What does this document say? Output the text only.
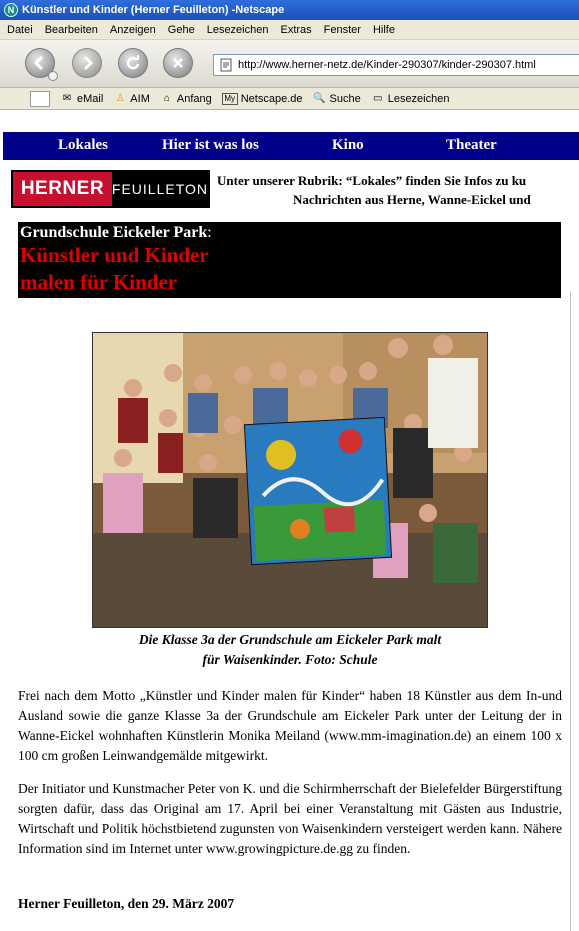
N Künstler und Kinder (Herner Feuilleton) -Netscape
Datei Bearbeiten Anzeigen Gehe Lesezeichen Extras Fenster Hilfe
http://www.herner-netz.de/Kinder-290307/kinder-290307.html
✉ eMail ♙ AIM	⌂ Anfang	My Netscape.de 🔍 Suche ▭ Lesezeichen
Lokales	Hier ist was los	Kino	Theater
HERNER FEUILLETON
Unter unserer Rubrik: “Lokales” finden Sie Infos zu ku
Nachrichten aus Herne, Wanne-Eickel und
Grundschule Eickeler Park:
Künstler und Kinder
malen für Kinder
Die Klasse 3a der Grundschule am Eickeler Park malt
für Waisenkinder. Foto: Schule

Frei nach dem Motto „Künstler und Kinder malen für Kinder“ haben 18 Künstler aus dem In-und Ausland sowie die ganze Klasse 3a der Grundschule am Eickeler Park unter der Leitung der in Wanne-Eickel wohnhaften Künstlerin Monika Meiland (www.mm-imagination.de) an einem 100 x 100 cm großen Leinwandgemälde mitgewirkt.

Der Initiator und Kunstmacher Peter von K. und die Schirmherrschaft der Bielefelder Bürgerstiftung sorgten dafür, dass das Original am 17. April bei einer Veranstaltung mit Gästen aus Industrie, Wirtschaft und Politik höchstbietend zugunsten von Waisenkindern versteigert werden kann. Nähere Information sind im Internet unter www.growingpicture.de.gg zu finden.

Herner Feuilleton, den 29. März 2007
